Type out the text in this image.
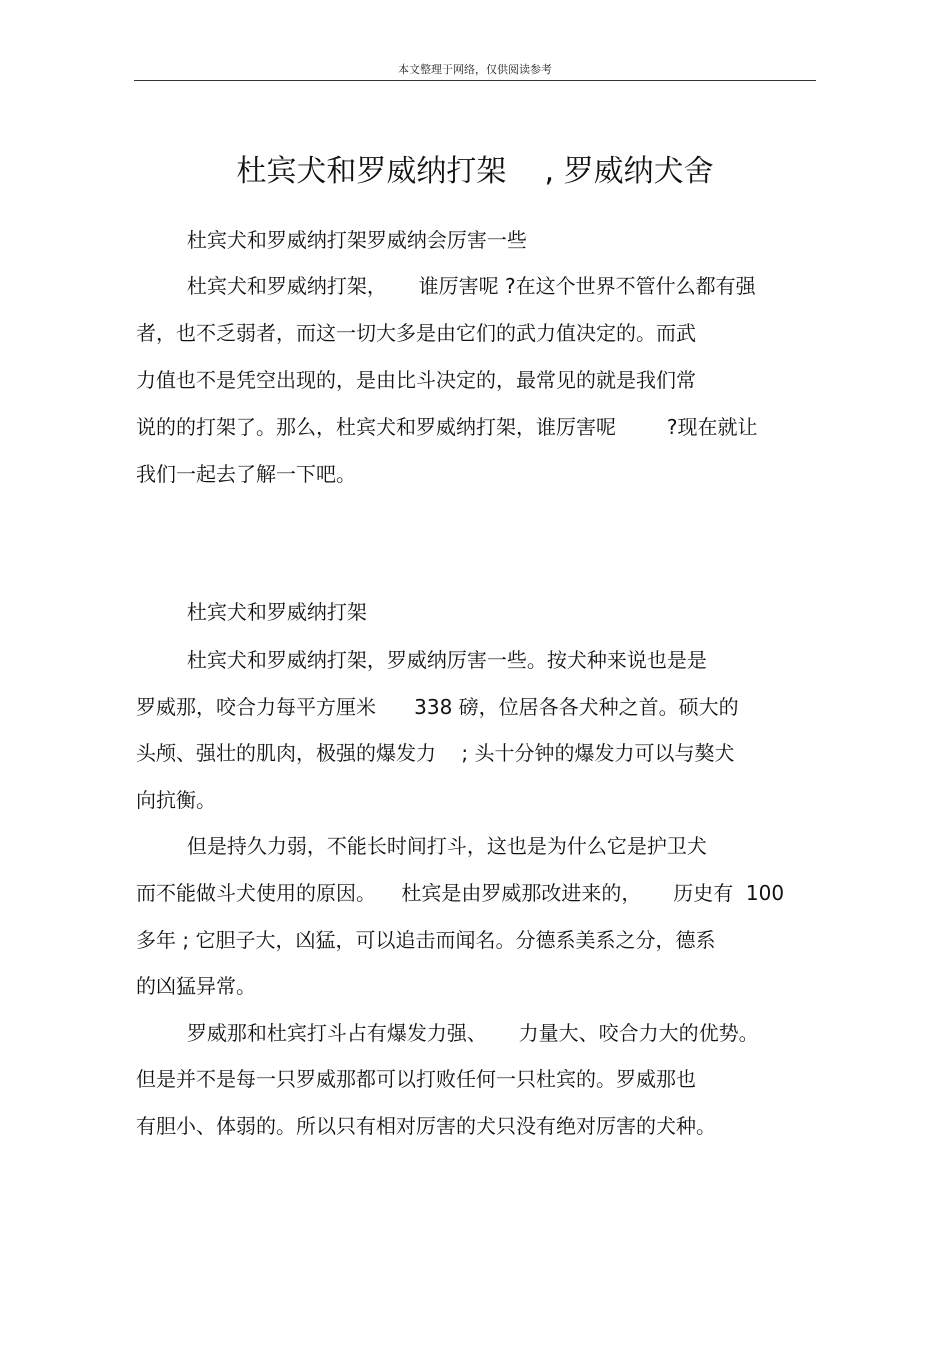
本文整理于网络，仅供阅读参考
杜宾犬和罗威纳打架    , 罗威纳犬舍
杜宾犬和罗威纳打架罗威纳会厉害一些
杜宾犬和罗威纳打架，     谁厉害呢 ?在这个世界不管什么都有强
者，也不乏弱者，而这一切大多是由它们的武力值决定的。而武
力值也不是凭空出现的，是由比斗决定的，最常见的就是我们常
说的的打架了。那么，杜宾犬和罗威纳打架，谁厉害呢        ?现在就让
我们一起去了解一下吧。
杜宾犬和罗威纳打架
杜宾犬和罗威纳打架，罗威纳厉害一些。按犬种来说也是是
罗威那，咬合力每平方厘米      338 磅，位居各各犬种之首。硕大的
头颅、强壮的肌肉，极强的爆发力    ; 头十分钟的爆发力可以与獒犬
向抗衡。
但是持久力弱，不能长时间打斗，这也是为什么它是护卫犬
而不能做斗犬使用的原因。    杜宾是由罗威那改进来的，     历史有  100
多年 ; 它胆子大，凶猛，可以追击而闻名。分德系美系之分，德系
的凶猛异常。
罗威那和杜宾打斗占有爆发力强、     力量大、咬合力大的优势。
但是并不是每一只罗威那都可以打败任何一只杜宾的。罗威那也
有胆小、体弱的。所以只有相对厉害的犬只没有绝对厉害的犬种。
